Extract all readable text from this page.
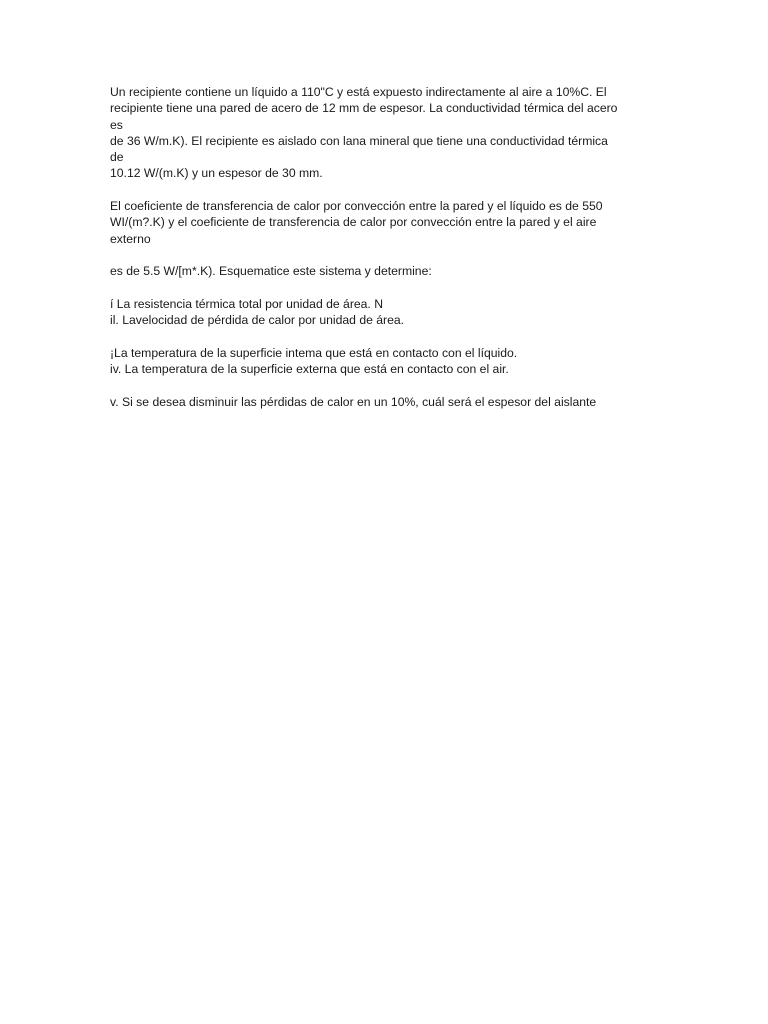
Un recipiente contiene un líquido a 110"C y está expuesto indirectamente al aire a 10%C. El
recipiente tiene una pared de acero de 12 mm de espesor. La conductividad térmica del acero
es
de 36 W/m.K). El recipiente es aislado con lana mineral que tiene una conductividad térmica
de
10.12 W/(m.K) y un espesor de 30 mm.
El coeficiente de transferencia de calor por convección entre la pared y el líquido es de 550
WI/(m?.K) y el coeficiente de transferencia de calor por convección entre la pared y el aire
externo
es de 5.5 W/[m*.K). Esquematice este sistema y determine:
í La resistencia térmica total por unidad de área. N
il. Lavelocidad de pérdida de calor por unidad de área.
¡La temperatura de la superficie intema que está en contacto con el líquido.
iv. La temperatura de la superficie externa que está en contacto con el air.
v. Si se desea disminuir las pérdidas de calor en un 10%, cuál será el espesor del aislante
